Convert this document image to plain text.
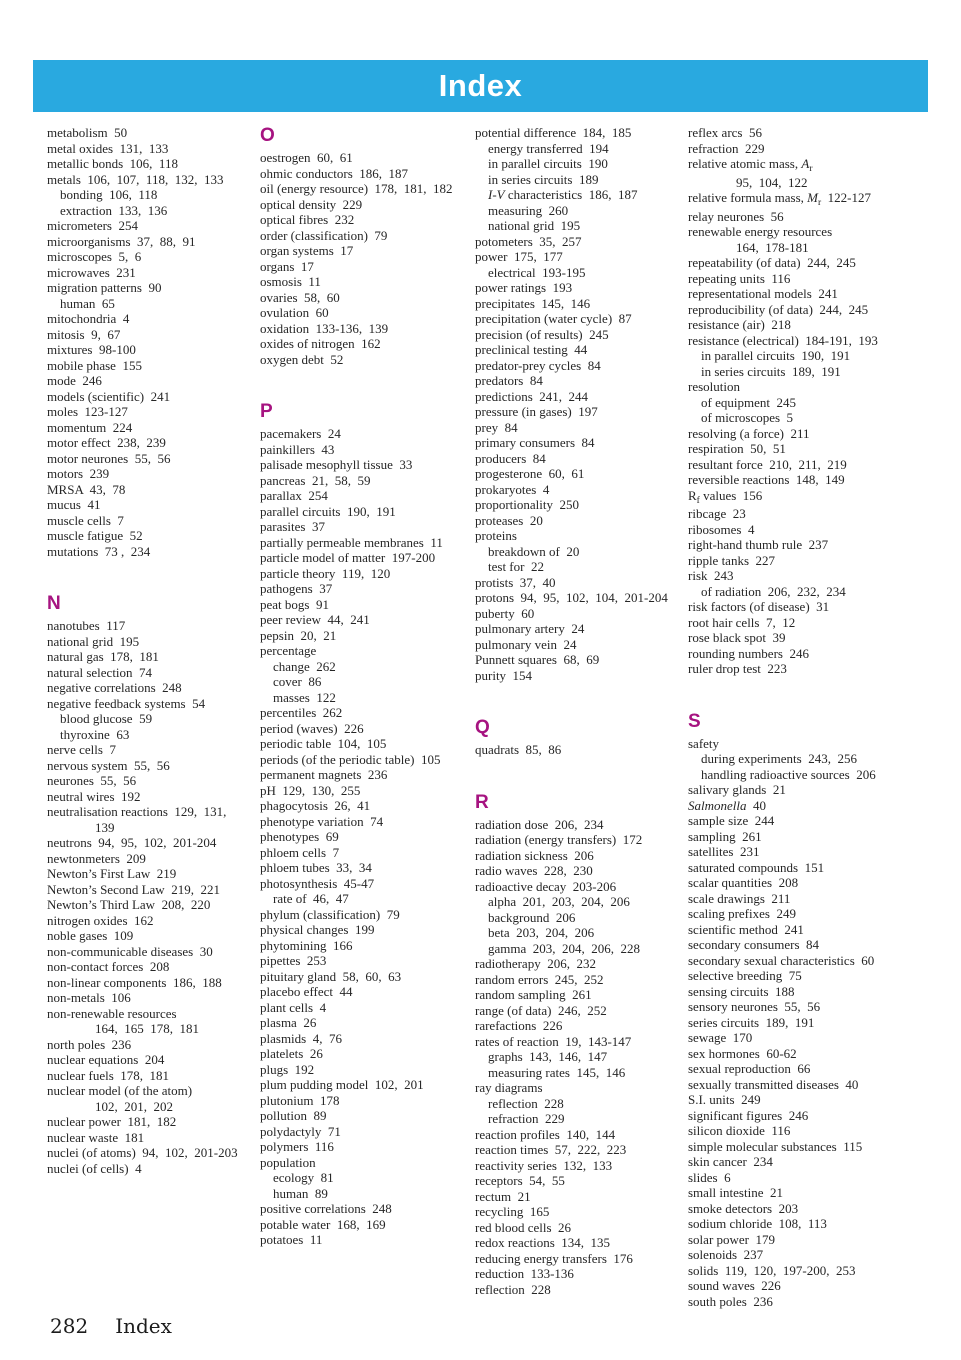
Index
metabolism  50
metal oxides  131,  133
metallic bonds  106,  118
metals  106,  107,  118,  132,  133
bonding  106,  118
extraction  133,  136
micrometers  254
microorganisms  37,  88,  91
microscopes  5,  6
microwaves  231
migration patterns  90
human  65
mitochondria  4
mitosis  9,  67
mixtures  98-100
mobile phase  155
mode  246
models (scientific)  241
moles  123-127
momentum  224
motor effect  238,  239
motor neurones  55,  56
motors  239
MRSA  43,  78
mucus  41
muscle cells  7
muscle fatigue  52
mutations  73 ,  234
N
nanotubes  117
national grid  195
natural gas  178,  181
natural selection  74
negative correlations  248
negative feedback systems  54
blood glucose  59
thyroxine  63
nerve cells  7
nervous system  55,  56
neurones  55,  56
neutral wires  192
neutralisation reactions  129,  131,
139
neutrons  94,  95,  102,  201-204
newtonmeters  209
Newton’s First Law  219
Newton’s Second Law  219,  221
Newton’s Third Law  208,  220
nitrogen oxides  162
noble gases  109
non-communicable diseases  30
non-contact forces  208
non-linear components  186,  188
non-metals  106
non-renewable resources
164,  165  178,  181
north poles  236
nuclear equations  204
nuclear fuels  178,  181
nuclear model (of the atom)
102,  201,  202
nuclear power  181,  182
nuclear waste  181
nuclei (of atoms)  94,  102,  201-203
nuclei (of cells)  4
O
oestrogen  60,  61
ohmic conductors  186,  187
oil (energy resource)  178,  181,  182
optical density  229
optical fibres  232
order (classification)  79
organ systems  17
organs  17
osmosis  11
ovaries  58,  60
ovulation  60
oxidation  133-136,  139
oxides of nitrogen  162
oxygen debt  52
P
pacemakers  24
painkillers  43
palisade mesophyll tissue  33
pancreas  21,  58,  59
parallax  254
parallel circuits  190,  191
parasites  37
partially permeable membranes  11
particle model of matter  197-200
particle theory  119,  120
pathogens  37
peat bogs  91
peer review  44,  241
pepsin  20,  21
percentage
change  262
cover  86
masses  122
percentiles  262
period (waves)  226
periodic table  104,  105
periods (of the periodic table)  105
permanent magnets  236
pH  129,  130,  255
phagocytosis  26,  41
phenotype variation  74
phenotypes  69
phloem cells  7
phloem tubes  33,  34
photosynthesis  45-47
rate of  46,  47
phylum (classification)  79
physical changes  199
phytomining  166
pipettes  253
pituitary gland  58,  60,  63
placebo effect  44
plant cells  4
plasma  26
plasmids  4,  76
platelets  26
plugs  192
plum pudding model  102,  201
plutonium  178
pollution  89
polydactyly  71
polymers  116
population
ecology  81
human  89
positive correlations  248
potable water  168,  169
potatoes  11
potential difference  184,  185
energy transferred  194
in parallel circuits  190
in series circuits  189
I-V characteristics  186,  187
measuring  260
national grid  195
potometers  35,  257
power  175,  177
electrical  193-195
power ratings  193
precipitates  145,  146
precipitation (water cycle)  87
precision (of results)  245
preclinical testing  44
predator-prey cycles  84
predators  84
predictions  241,  244
pressure (in gases)  197
prey  84
primary consumers  84
producers  84
progesterone  60,  61
prokaryotes  4
proportionality  250
proteases  20
proteins
breakdown of  20
test for  22
protists  37,  40
protons  94,  95,  102,  104,  201-204
puberty  60
pulmonary artery  24
pulmonary vein  24
Punnett squares  68,  69
purity  154
Q
quadrats  85,  86
R
radiation dose  206,  234
radiation (energy transfers)  172
radiation sickness  206
radio waves  228,  230
radioactive decay  203-206
alpha  201,  203,  204,  206
background  206
beta  203,  204,  206
gamma  203,  204,  206,  228
radiotherapy  206,  232
random errors  245,  252
random sampling  261
range (of data)  246,  252
rarefactions  226
rates of reaction  19,  143-147
graphs  143,  146,  147
measuring rates  145,  146
ray diagrams
reflection  228
refraction  229
reaction profiles  140,  144
reaction times  57,  222,  223
reactivity series  132,  133
receptors  54,  55
rectum  21
recycling  165
red blood cells  26
redox reactions  134,  135
reducing energy transfers  176
reduction  133-136
reflection  228
reflex arcs  56
refraction  229
relative atomic mass, $A_r$
95,  104,  122
relative formula mass, $M_r$  122-127
relay neurones  56
renewable energy resources
164,  178-181
repeatability (of data)  244,  245
repeating units  116
representational models  241
reproducibility (of data)  244,  245
resistance (air)  218
resistance (electrical)  184-191,  193
in parallel circuits  190,  191
in series circuits  189,  191
resolution
of equipment  245
of microscopes  5
resolving (a force)  211
respiration  50,  51
resultant force  210,  211,  219
reversible reactions  148,  149
$R_f$ values  156
ribcage  23
ribosomes  4
right-hand thumb rule  237
ripple tanks  227
risk  243
of radiation  206,  232,  234
risk factors (of disease)  31
root hair cells  7,  12
rose black spot  39
rounding numbers  246
ruler drop test  223
S
safety
during experiments  243,  256
handling radioactive sources  206
salivary glands  21
Salmonella  40
sample size  244
sampling  261
satellites  231
saturated compounds  151
scalar quantities  208
scale drawings  211
scaling prefixes  249
scientific method  241
secondary consumers  84
secondary sexual characteristics  60
selective breeding  75
sensing circuits  188
sensory neurones  55,  56
series circuits  189,  191
sewage  170
sex hormones  60-62
sexual reproduction  66
sexually transmitted diseases  40
S.I. units  249
significant figures  246
silicon dioxide  116
simple molecular substances  115
skin cancer  234
slides  6
small intestine  21
smoke detectors  203
sodium chloride  108,  113
solar power  179
solenoids  237
solids  119,  120,  197-200,  253
sound waves  226
south poles  236
282 Index
